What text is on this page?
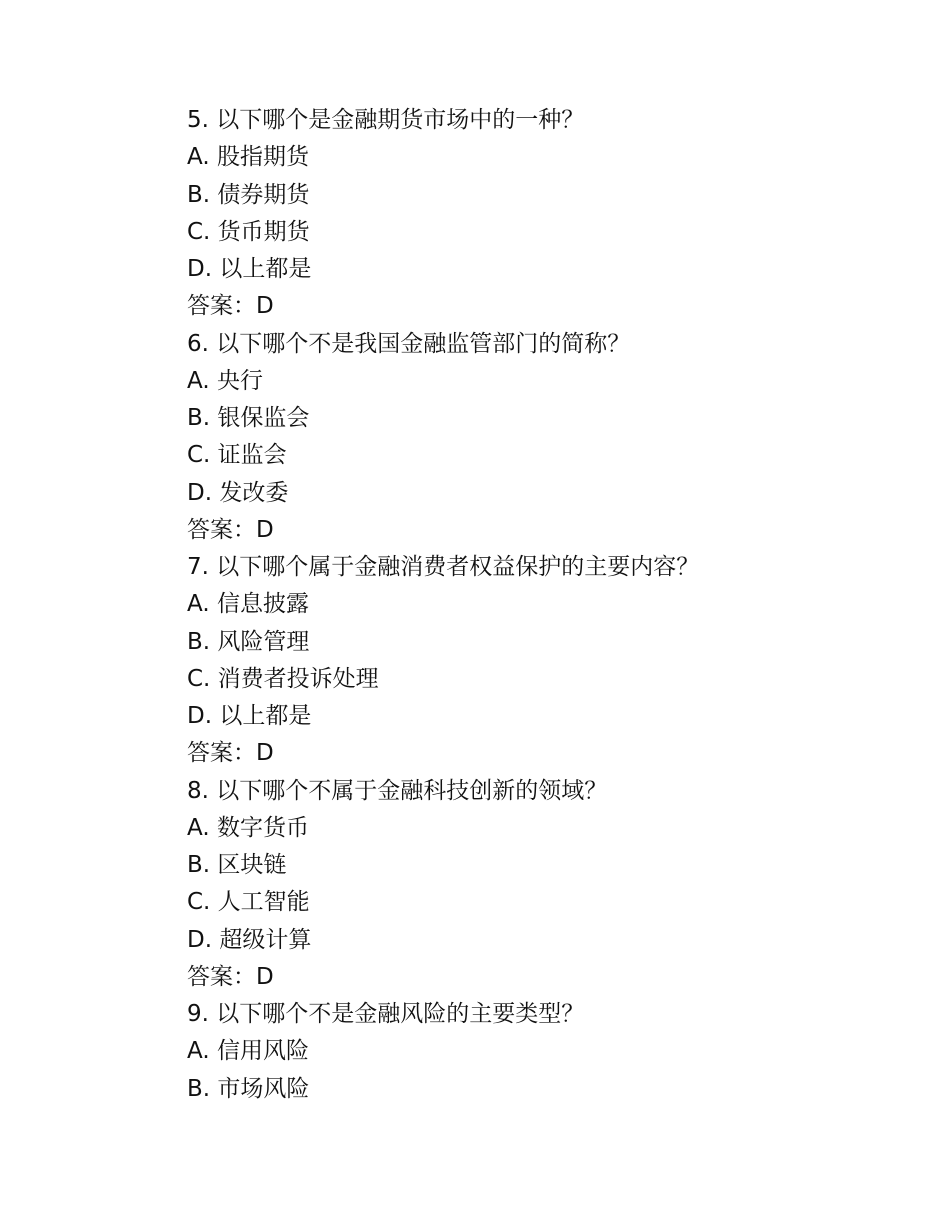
5. 以下哪个是金融期货市场中的一种？
A. 股指期货
B. 债券期货
C. 货币期货
D. 以上都是
答案：D
6. 以下哪个不是我国金融监管部门的简称？
A. 央行
B. 银保监会
C. 证监会
D. 发改委
答案：D
7. 以下哪个属于金融消费者权益保护的主要内容？
A. 信息披露
B. 风险管理
C. 消费者投诉处理
D. 以上都是
答案：D
8. 以下哪个不属于金融科技创新的领域？
A. 数字货币
B. 区块链
C. 人工智能
D. 超级计算
答案：D
9. 以下哪个不是金融风险的主要类型？
A. 信用风险
B. 市场风险
